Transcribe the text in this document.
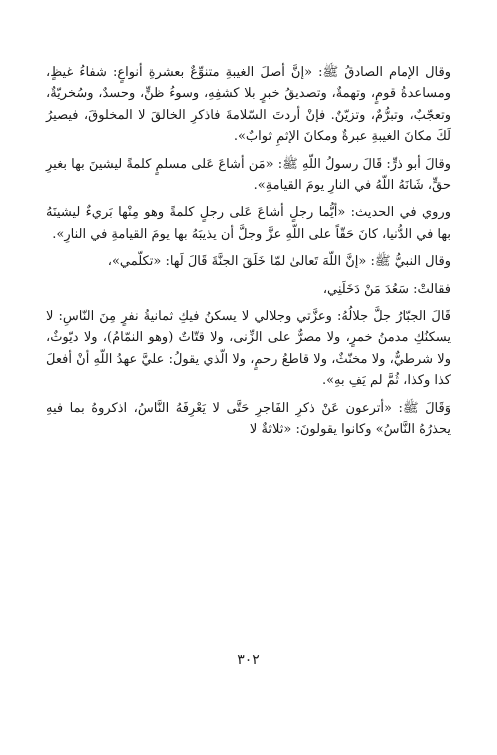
وقال الإمام الصادقُ ﷺ: «إنَّ أصلَ الغيبةِ متنوِّعٌ بعشرةِ أنواعٍ: شفاءُ غيظٍ، ومساعدةُ قومٍ، وتهمةٌ، وتصديقُ خبرٍ بلا كشفِهِ، وسوءُ ظنٍّ، وحسدٌ، وسُخريّةٌ، وتعجّبٌ، وتبرُّمٌ، وتزيّنٌ. فإنْ أردتَ السّلامةَ فاذكرِ الخالقَ لا المخلوقَ، فيصيرُ لَكَ مكانَ الغيبةِ عبرةٌ ومكانَ الإثمِ ثوابٌ».

وقالَ أبو ذرٍّ: قَالَ رسولُ اللّهِ ﷺ: «مَن أشاعَ عَلى مسلمٍ كلمةً ليشينَ بها بغيرِ حقٍّ، شَانَهُ اللّهُ في النارِ يومَ القيامةِ».

وروي في الحديث: «أيُّما رجلٍ أشاعَ عَلى رجلٍ كلمةً وهو مِنْها بَريءٌ ليشينَهُ بها في الدُّنيا، كانَ حَقّاً على اللّهِ عزَّ وجلَّ أن يذيبَهُ بها يومَ القيامةِ في النارِ».

وقال النبيُّ ﷺ: «إنَّ اللّهَ تَعالىٰ لمّا خَلَقَ الجنَّةَ قَالَ لَها: «تكلّمي»،

فقالتْ: سَعُدَ مَنْ دَخَلَنِي،

قَالَ الجبّارُ جلَّ جلالُهُ: وعزَّتي وجلالي لا يسكنُ فيكِ ثمانيةُ نفرٍ مِنَ النّاسِ: لا يسكنُكِ مدمنُ خمرٍ، ولا مصرٌّ على الزِّنى، ولا قتّاتٌ (وهو النمّامُ)، ولا ديّوثٌ، ولا شرطيٌّ، ولا مخنّثٌ، ولا قاطعُ رحمٍ، ولا الّذي يقولُ: عليَّ عهدُ اللّهِ أنْ أفعلَ كذا وكذا، ثُمَّ لم يَفِ بهِ».

وَقَالَ ﷺ: «أترعون عَنْ ذكرِ الفَاجرِ حَتَّى لا يَعْرِفَهُ النَّاسُ، اذكروهُ بما فيهِ يحذرُهُ النَّاسُ» وكانوا يقولونَ: «ثلاثةٌ لا

٣٠٢
